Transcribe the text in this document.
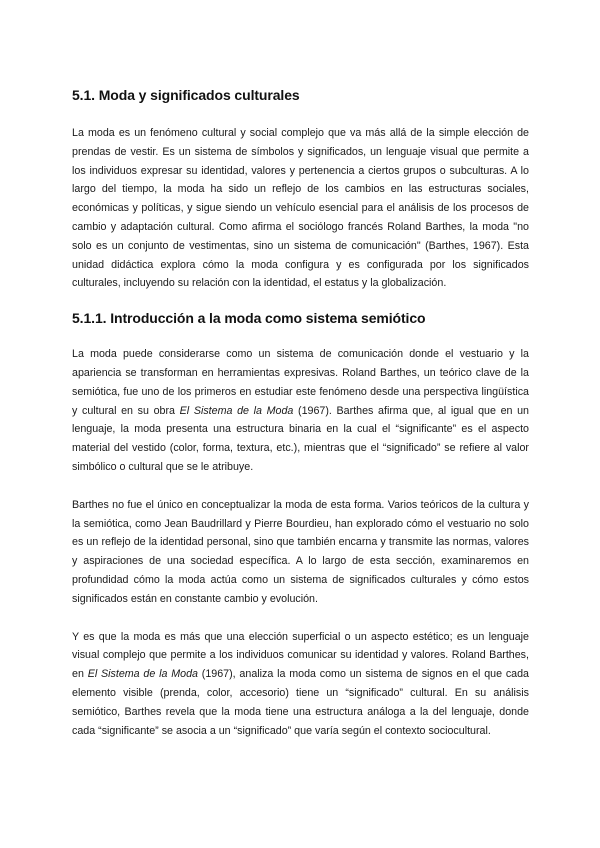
5.1. Moda y significados culturales

La moda es un fenómeno cultural y social complejo que va más allá de la simple elección de prendas de vestir. Es un sistema de símbolos y significados, un lenguaje visual que permite a los individuos expresar su identidad, valores y pertenencia a ciertos grupos o subculturas. A lo largo del tiempo, la moda ha sido un reflejo de los cambios en las estructuras sociales, económicas y políticas, y sigue siendo un vehículo esencial para el análisis de los procesos de cambio y adaptación cultural. Como afirma el sociólogo francés Roland Barthes, la moda "no solo es un conjunto de vestimentas, sino un sistema de comunicación" (Barthes, 1967). Esta unidad didáctica explora cómo la moda configura y es configurada por los significados culturales, incluyendo su relación con la identidad, el estatus y la globalización.

5.1.1. Introducción a la moda como sistema semiótico

La moda puede considerarse como un sistema de comunicación donde el vestuario y la apariencia se transforman en herramientas expresivas. Roland Barthes, un teórico clave de la semiótica, fue uno de los primeros en estudiar este fenómeno desde una perspectiva lingüística y cultural en su obra El Sistema de la Moda (1967). Barthes afirma que, al igual que en un lenguaje, la moda presenta una estructura binaria en la cual el “significante” es el aspecto material del vestido (color, forma, textura, etc.), mientras que el “significado” se refiere al valor simbólico o cultural que se le atribuye.

Barthes no fue el único en conceptualizar la moda de esta forma. Varios teóricos de la cultura y la semiótica, como Jean Baudrillard y Pierre Bourdieu, han explorado cómo el vestuario no solo es un reflejo de la identidad personal, sino que también encarna y transmite las normas, valores y aspiraciones de una sociedad específica. A lo largo de esta sección, examinaremos en profundidad cómo la moda actúa como un sistema de significados culturales y cómo estos significados están en constante cambio y evolución.

Y es que la moda es más que una elección superficial o un aspecto estético; es un lenguaje visual complejo que permite a los individuos comunicar su identidad y valores. Roland Barthes, en El Sistema de la Moda (1967), analiza la moda como un sistema de signos en el que cada elemento visible (prenda, color, accesorio) tiene un “significado” cultural. En su análisis semiótico, Barthes revela que la moda tiene una estructura análoga a la del lenguaje, donde cada “significante” se asocia a un “significado” que varía según el contexto sociocultural.
